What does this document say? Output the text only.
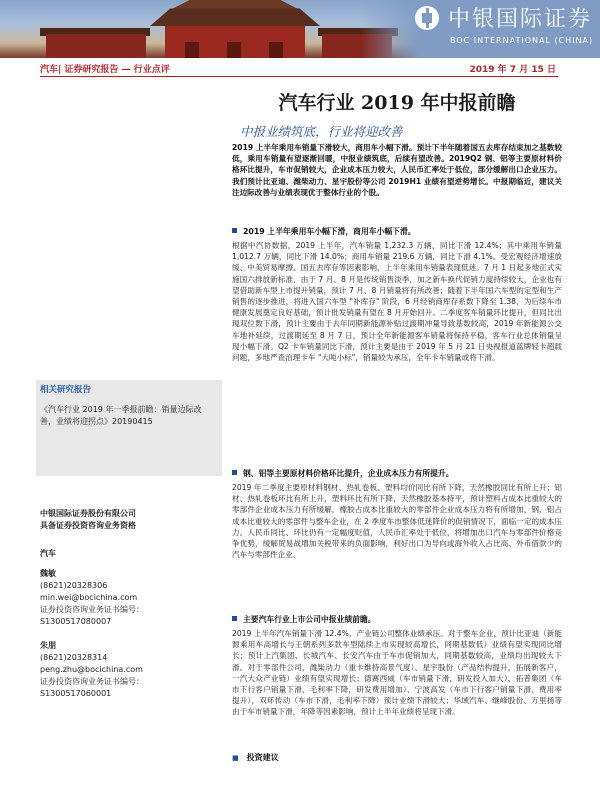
中银国际证券
BOC INTERNATIONAL (CHINA)
汽车| 证券研究报告 — 行业点评	2019 年 7 月 15 日
汽车行业 2019 年中报前瞻
中报业绩筑底，行业将迎改善
2019 上半年乘用车销量下滑较大，商用车小幅下滑。预计下半年随着国五去库存结束加之基数较低，乘用车销量有望逐渐回暖，中报业绩筑底，后续有望改善。2019Q2 钢、铝等主要原材料价格环比提升，车市促销较大，企业成本压力较大，人民币汇率处于低位，部分缓解出口企业压力。我们预计比亚迪、潍柴动力、星宇股份等公司 2019H1 业绩有望逆势增长。中报期临近，建议关注边际改善与业绩表现优于整体行业的个股。
2019 上半年乘用车小幅下滑，商用车小幅下滑。
根据中汽协数据，2019 上半年，汽车销量 1,232.3 万辆，同比下滑 12.4%；其中乘用车销量 1,012.7 万辆，同比下滑 14.0%；商用车销量 219.6 万辆，同比下滑 4.1%。受宏观经济增速放缓、中美贸易摩擦、国五去库存等因素影响，上半年乘用车销量表现低迷。7 月 1 日起多地正式实施国六排放新标准，由于 7 月、8 月是传统销售淡季，加之新车换代促销力度持续较大，企业也有望借助新车型上市提升销量，预计 7 月、8 月销量将有所改善；随着下半年国六车型的定型和生产销售的逐步推进，将进入国六车型 "补库存" 阶段，6 月经销商库存系数下降至 1.38，为后续车市健康发展奠定良好基础，预计批发销量有望在 8 月开始回升。二季度客车销量环比提升，但同比出现双位数下滑，预计主要由于去年同期新能源补贴过渡期冲量导致基数较高，2019 年新能源公交车地补延续，过渡期延至 8 月 7 日，预计全年新能源客车销量将保持平稳，客车行业总体销量呈现小幅下滑。Q2 卡车销量同比下滑，预计主要是由于 2019 年 5 月 21 日央视报道蓝牌轻卡超载问题，多地严查治理卡车 "大吨小标"，销量较为承压，全年卡车销量或将下滑。
钢、铝等主要原材料价格环比提升，企业成本压力有所提升。
2019 年二季度主要原材料钢材、热轧卷板、塑料均价同比有所下降，天然橡胶同比有所上升；铝材、热轧卷板环比有所上升，塑料环比有所下降，天然橡胶基本持平，预计塑料占成本比重较大的零部件企业成本压力有所缓解，橡胶占成本比重较大的零部件企业成本压力将有所增加，钢、铝占成本比重较大的零部件与整车企业，在 2 季度车市整体低迷降价的促销情况下，面临一定的成本压力。人民币同比、环比仍有一定幅度贬值，人民币汇率处于低位，将增加出口汽车与零部件价格竞争优势，缓解贸易战增加关税带来的负面影响，利好出口为导向或海外收入占比高、外币借款少的汽车与零部件企业。
主要汽车行业上市公司中报业绩前瞻。
2019 上半年汽车销量下滑 12.4%，产业链公司整体业绩承压。对于整车企业，预计比亚迪（新能源乘用车高增长与王朝系列多款车型陆续上市实现较高增长，同期基数低）业绩有望实现同比增长；预计上汽集团、长城汽车、长安汽车由于车市促销加大，同期基数较高，业绩均出现较大下滑。对于零部件公司，潍柴动力（重卡维持高景气度）、星宇股份（产品结构提升，拓展新客户，一汽大众产业链）业绩有望实现增长；德赛西威（车市销量下滑，研发投入加大）、拓普集团（车市下行客户销量下滑，毛利率下降，研发费用增加）、宁波高发（车市下行客户销量下滑、费用率提升），双环传动（车市下滑，毛利率下降）预计业绩下滑较大；华域汽车、继峰股份、万里扬等由于车市销量下滑，年降等因素影响，预计上半年业绩将呈现下滑。
■ 投资建议
相关研究报告
《汽车行业 2019 年一季报前瞻：销量边际改善，业绩将迎拐点》20190415
中银国际证券股份有限公司
具备证券投资咨询业务资格
汽车
魏敏
(8621)20328306
min.wei@bocichina.com
证券投资咨询业务证书编号：S1300517080007
朱朋
(8621)20328314
peng.zhu@bocichina.com
证券投资咨询业务证书编号：S1300517060001
